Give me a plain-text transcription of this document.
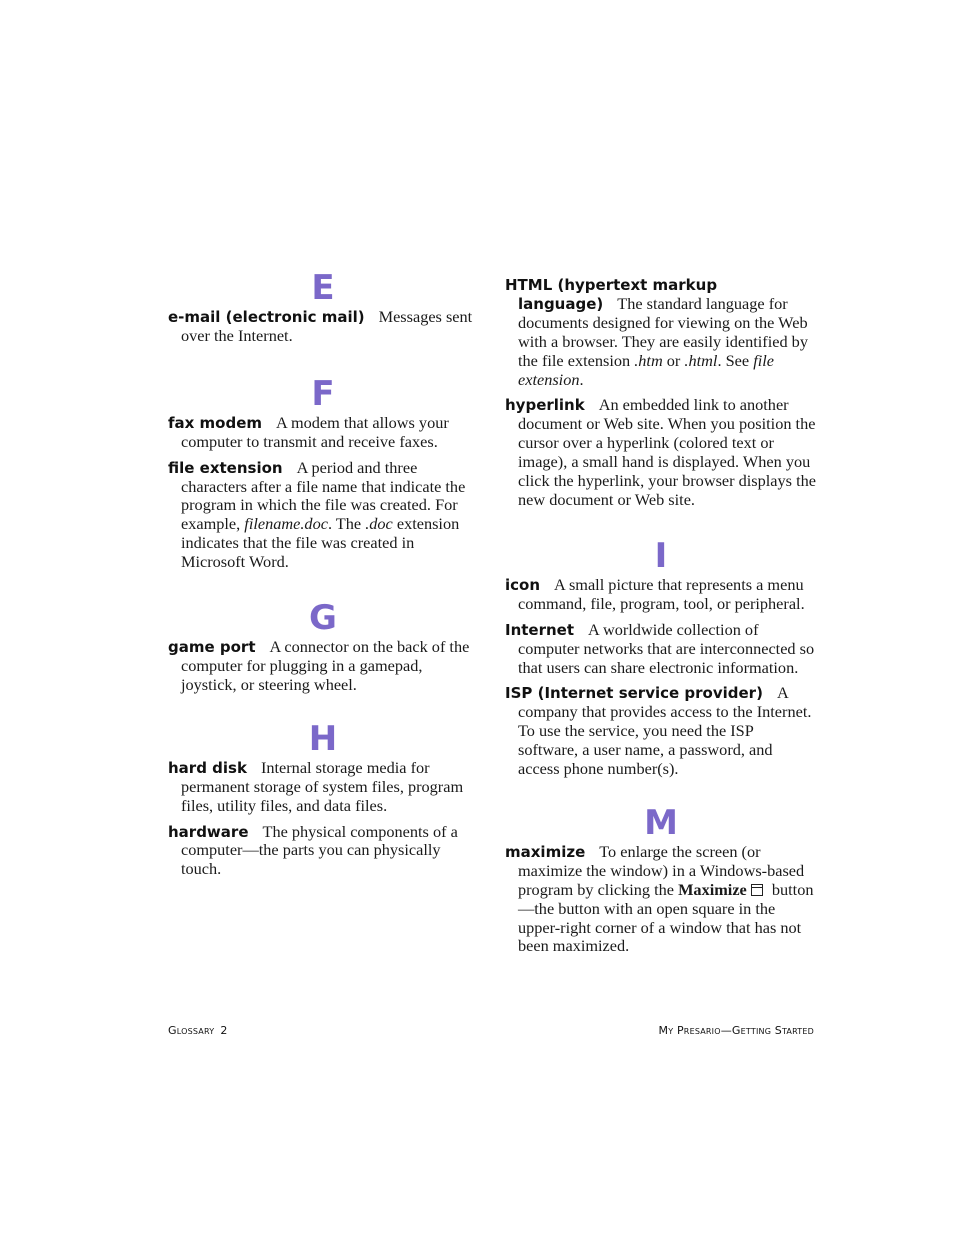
E

e-mail (electronic mail) Messages sent over the Internet.

F

fax modem A modem that allows your computer to transmit and receive faxes.

file extension A period and three characters after a file name that indicate the program in which the file was created. For example, filename.doc. The .doc extension indicates that the file was created in Microsoft Word.

G

game port A connector on the back of the computer for plugging in a gamepad, joystick, or steering wheel.

H

hard disk Internal storage media for permanent storage of system files, program files, utility files, and data files.

hardware The physical components of a computer—the parts you can physically touch.

HTML (hypertext markup language) The standard language for documents designed for viewing on the Web with a browser. They are easily identified by the file extension .htm or .html. See file extension.

hyperlink An embedded link to another document or Web site. When you position the cursor over a hyperlink (colored text or image), a small hand is displayed. When you click the hyperlink, your browser displays the new document or Web site.

I

icon A small picture that represents a menu command, file, program, tool, or peripheral.

Internet A worldwide collection of computer networks that are interconnected so that users can share electronic information.

ISP (Internet service provider) A company that provides access to the Internet. To use the service, you need the ISP software, a user name, a password, and access phone number(s).

M

maximize To enlarge the screen (or maximize the window) in a Windows-based program by clicking the Maximize button—the button with an open square in the upper-right corner of a window that has not been maximized.

Glossary 2	My Presario—Getting Started
